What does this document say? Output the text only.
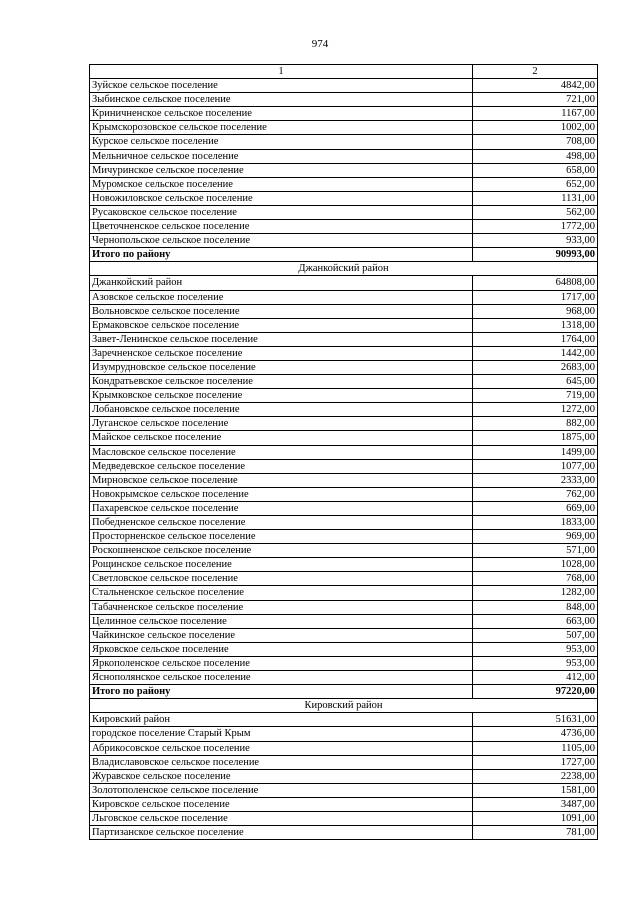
974
1	2
Зуйское сельское поселение	4842,00
Зыбинское сельское поселение	721,00
Криничненское сельское поселение	1167,00
Крымскорозовское сельское поселение	1002,00
Курское сельское поселение	708,00
Мельничное сельское поселение	498,00
Мичуринское сельское поселение	658,00
Муромское сельское поселение	652,00
Новожиловское сельское поселение	1131,00
Русаковское сельское поселение	562,00
Цветочненское сельское поселение	1772,00
Чернопольское сельское поселение	933,00
Итого по району	90993,00
Джанкойский район	
Джанкойский район	64808,00
Азовское сельское поселение	1717,00
Вольновское сельское поселение	968,00
Ермаковское сельское поселение	1318,00
Завет-Ленинское сельское поселение	1764,00
Заречненское сельское поселение	1442,00
Изумрудновское сельское поселение	2683,00
Кондратьевское сельское поселение	645,00
Крымковское сельское поселение	719,00
Лобановское сельское поселение	1272,00
Луганское сельское поселение	882,00
Майское сельское поселение	1875,00
Масловское сельское поселение	1499,00
Медведевское сельское поселение	1077,00
Мирновское сельское поселение	2333,00
Новокрымское сельское поселение	762,00
Пахаревское сельское поселение	669,00
Победненское сельское поселение	1833,00
Просторненское сельское поселение	969,00
Роскошненское сельское поселение	571,00
Рощинское сельское поселение	1028,00
Светловское сельское поселение	768,00
Стальненское сельское поселение	1282,00
Табачненское сельское поселение	848,00
Целинное сельское поселение	663,00
Чайкинское сельское поселение	507,00
Ярковское сельское поселение	953,00
Яркополенское сельское поселение	953,00
Яснополянское сельское поселение	412,00
Итого по району	97220,00
Кировский район	
Кировский район	51631,00
городское поселение Старый Крым	4736,00
Абрикосовское сельское поселение	1105,00
Владиславовское сельское поселение	1727,00
Журавское сельское поселение	2238,00
Золотополенское сельское поселение	1581,00
Кировское сельское поселение	3487,00
Льговское сельское поселение	1091,00
Партизанское сельское поселение	781,00
